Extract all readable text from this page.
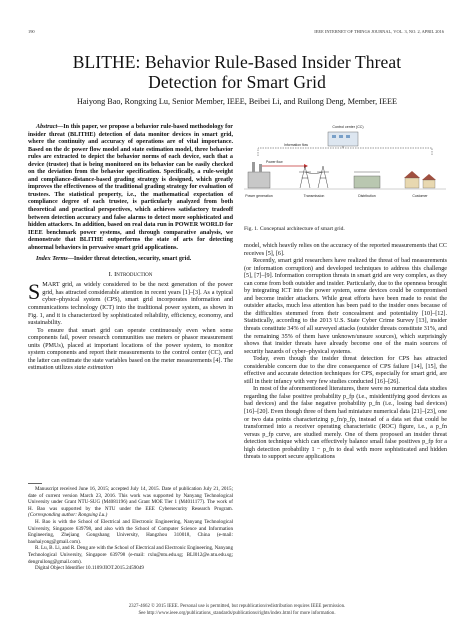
190	IEEE INTERNET OF THINGS JOURNAL, VOL. 3, NO. 2, APRIL 2016
BLITHE: Behavior Rule-Based Insider Threat
Detection for Smart Grid
Haiyong Bao, Rongxing Lu, Senior Member, IEEE, Beibei Li, and Ruilong Deng, Member, IEEE

Abstract—In this paper, we propose a behavior rule-based methodology for insider threat (BLITHE) detection of data monitor devices in smart grid, where the continuity and accuracy of operations are of vital importance. Based on the dc power flow model and state estimation model, three behavior rules are extracted to depict the behavior norms of each device, such that a device (trustee) that is being monitored on its behavior can be easily checked on the deviation from the behavior specification. Specifically, a rule-weight and compliance-distance-based grading strategy is designed, which greatly improves the effectiveness of the traditional grading strategy for evaluation of trustees. The statistical property, i.e., the mathematical expectation of compliance degree of each trustee, is particularly analyzed from both theoretical and practical perspectives, which achieves satisfactory tradeoff between detection accuracy and false alarms to detect more sophisticated and hidden attackers. In addition, based on real data run in POWER WORLD for IEEE benchmark power systems, and through comparative analysis, we demonstrate that BLITHE outperforms the state of arts for detecting abnormal behaviors in pervasive smart grid applications.

Index Terms—Insider threat detection, security, smart grid.

I. Introduction

SMART grid, as widely considered to be the next generation of the power grid, has attracted considerable attention in recent years [1]–[3]. As a typical cyber–physical system (CPS), smart grid incorporates information and communications technology (ICT) into the traditional power system, as shown in Fig. 1, and it is characterized by sophisticated reliability, efficiency, economy, and sustainability.

To ensure that smart grid can operate continuously even when some components fail, power research communities use meters or phasor measurement units (PMUs), placed at important locations of the power system, to monitor system components and report their measurements to the control center (CC), and the latter can estimate the state variables based on the meter measurements [4]. The estimation utilizes state estimation

Manuscript received June 16, 2015; accepted July 14, 2015. Date of publication July 21, 2015; date of current version March 23, 2016. This work was supported by Nanyang Technological University under Grant NTU-SUG (M4081196) and Grant MOE Tier 1 (M4011177). The work of H. Bao was supported by the NTU under the EEE Cybersecurity Research Program. (Corresponding author: Rongxing Lu.)

H. Bao is with the School of Electrical and Electronic Engineering, Nanyang Technological University, Singapore 639798, and also with the School of Computer Science and Information Engineering, Zhejiang Gongshang University, Hangzhou 310018, China (e-mail: baohaiyong@gmail.com).

R. Lu, B. Li, and R. Deng are with the School of Electrical and Electronic Engineering, Nanyang Technological University, Singapore 639798 (e-mail: rxlu@ntu.edu.sg; BLI012@e.ntu.edu.sg; dengruilong@gmail.com).

Digital Object Identifier 10.1109/JIOT.2015.2459049

Control center (CC)
Information flow
Power flow
Power generation	Transmission	Distribution	Customer
Fig. 1. Conceptual architecture of smart grid.

model, which heavily relies on the accuracy of the reported measurements that CC receives [5], [6].

Recently, smart grid researchers have realized the threat of bad measurements (or information corruption) and developed techniques to address this challenge [5], [7]–[9]. Information corruption threats in smart grid are very complex, as they can come from both outsider and insider. Particularly, due to the openness brought by integrating ICT into the power system, some devices could be compromised and become insider attackers. While great efforts have been made to resist the outsider attacks, much less attention has been paid to the insider ones because of the difficulties stemmed from their concealment and potentiality [10]–[12]. Statistically, according to the 2013 U.S. State Cyber Crime Survey [13], insider threats constitute 34% of all surveyed attacks (outsider threats constitute 31%, and the remaining 35% of them have unknown/unsure sources), which surprisingly shows that insider threats have already become one of the main sources of security hazards of cyber–physical systems.

Today, even though the insider threat detection for CPS has attracted considerable concern due to the dire consequence of CPS failure [14], [15], the effective and accurate detection techniques for CPS, especially for smart grid, are still in their infancy with very few studies conducted [16]–[26].

In most of the aforementioned literatures, there were no numerical data studies regarding the false positive probability p_fp (i.e., misidentifying good devices as bad devices) and the false negative probability p_fn (i.e., losing bad devices) [16]–[20]. Even though three of them had miniature numerical data [21]–[23], one or two data points characterizing p_fn/p_fp, instead of a data set that could be transformed into a receiver operating characteristic (ROC) figure, i.e., a p_fn versus p_fp curve, are studied merely. One of them proposed an insider threat detection technique which can effectively balance small false positives p_fp for a high detection probability 1 − p_fn to deal with more sophisticated and hidden threats to support secure applications

2327-4662 © 2015 IEEE. Personal use is permitted, but republication/redistribution requires IEEE permission.
See http://www.ieee.org/publications_standards/publications/rights/index.html for more information.
